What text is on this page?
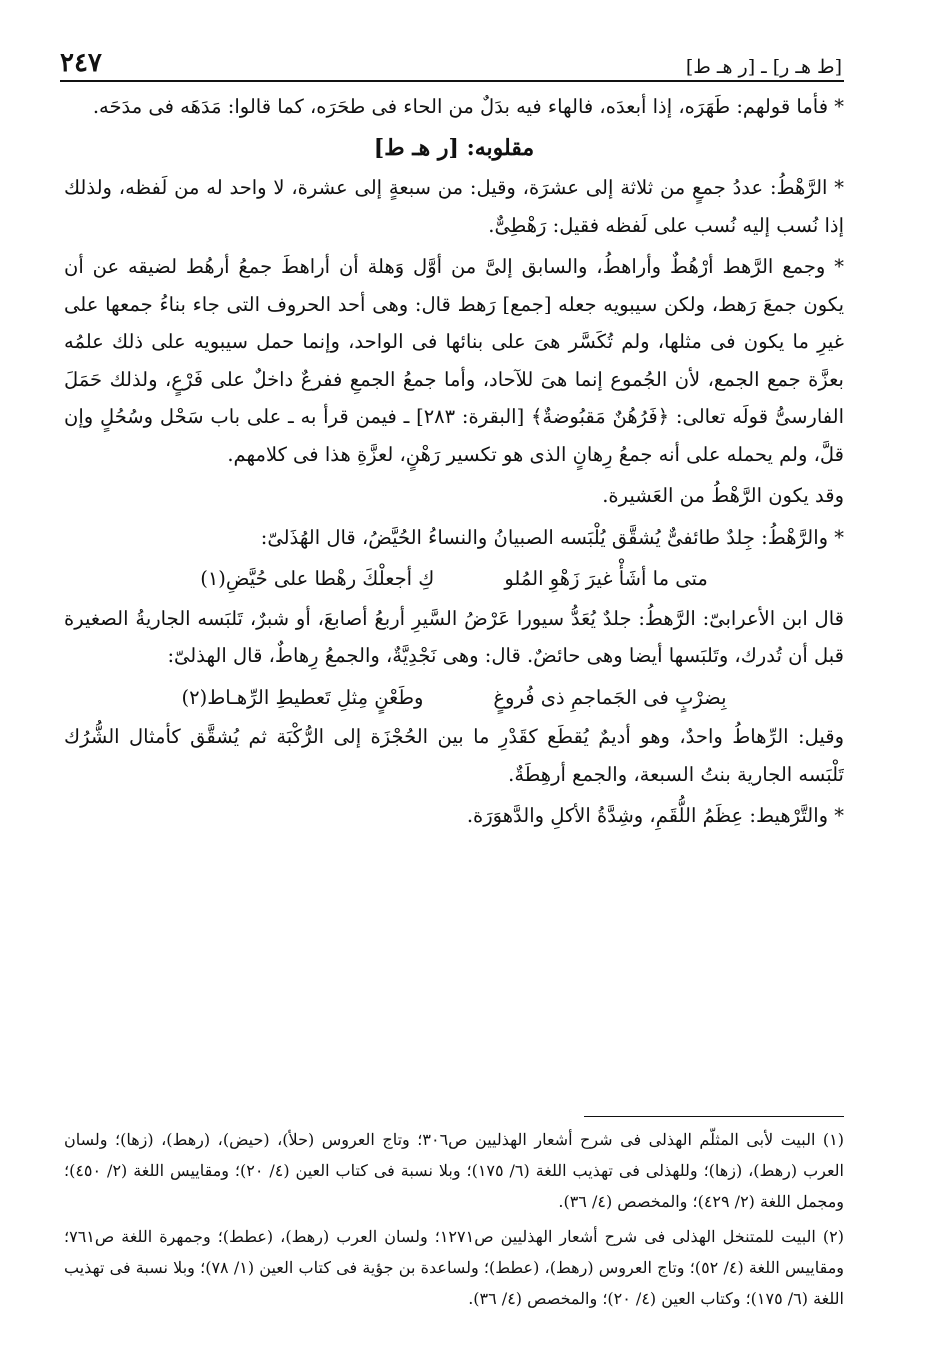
[ط هـ ر] ـ [ر هـ ط]
٢٤٧

* فأما قولهم: طَهَرَه، إذا أبعدَه، فالهاء فيه بدَلٌ من الحاء فى طحَرَه، كما قالوا: مَدَهَه فى مدَحَه.

مقلوبه: [ر هـ ط]

* الرَّهْطُ: عددُ جمعٍ من ثلاثة إلى عشرَة، وقيل: من سبعةٍ إلى عشرة، لا واحد له من لَفظه، ولذلك إذا نُسب إليه نُسب على لَفظه فقيل: رَهْطِىٌّ.

* وجمع الرَّهط أرْهُطٌ وأراهطُ، والسابق إلىَّ من أوَّل وَهلة أن أراهطَ جمعُ أرهُط لضيقه عن أن يكون جمعَ رَهط، ولكن سيبويه جعله [جمع] رَهط قال: وهى أحد الحروف التى جاء بناءُ جمعها على غيرِ ما يكون فى مثلها، ولم تُكَسَّر هىَ على بنائها فى الواحد، وإنما حمل سيبويه على ذلك علمُه بعزَّة جمع الجمع، لأن الجُموع إنما هىَ للآحاد، وأما جمعُ الجمعِ ففرعٌ داخلٌ على فَرْعٍ، ولذلك حَمَلَ الفارسىُّ قولَه تعالى: ﴿فَرُهُنٌ مَقبُوضةٌ﴾ [البقرة: ٢٨٣] ـ فيمن قرأ به ـ على باب سَحْل وسُحُلٍ وإن قلَّ، ولم يحمله على أنه جمعُ رِهانٍ الذى هو تكسير رَهْنٍ، لعزَّةِ هذا فى كلامهم.

وقد يكون الرَّهْطُ من العَشيرة.

* والرَّهْطُ: جِلدٌ طائفىٌّ يُشقَّق يُلْبَسه الصبيانُ والنساءُ الحُيَّضُ، قال الهُذَلىّ:

متى ما أشَأْ غيرَ زَهْوِ المُلو
كِ أجعلْكَ رهْطا على حُيَّضِ(١)

قال ابن الأعرابىّ: الرَّهطُ: جلدٌ يُعَدُّ سيورا عَرْضُ السَّيرِ أربعُ أصابعَ، أو شبرٌ، تَلبَسه الجاريةُ الصغيرة قبل أن تُدرك، وتَلبَسها أيضا وهى حائضٌ. قال: وهى نَجْدِيَّةٌ، والجمعُ رِهاطٌ، قال الهذلىّ:

بِضرْبٍ فى الجَماجمِ ذى فُروغٍ
وطَعْنٍ مِثلِ تَعطيطِ الرِّهـاط(٢)

وقيل: الرِّهاطُ واحدٌ، وهو أديمٌ يُقطَع كقَدْرِ ما بين الحُجْزَة إلى الرُّكْبَة ثم يُشقَّق كأمثال الشُّرُك تَلْبَسه الجارية بنتُ السبعة، والجمع أرهِطَةٌ.

* والتَّرْهيط: عِظَمُ اللُّقَمِ، وشِدَّةُ الأكلِ والدَّهوَرَة.

(١) البيت لأبى المثلّم الهذلى فى شرح أشعار الهذليين ص٣٠٦؛ وتاج العروس (حلأ)، (حيض)، (رهط)، (زها)؛ ولسان العرب (رهط)، (زها)؛ وللهذلى فى تهذيب اللغة (٦/ ١٧٥)؛ وبلا نسبة فى كتاب العين (٤/ ٢٠)؛ ومقاييس اللغة (٢/ ٤٥٠)؛ ومجمل اللغة (٢/ ٤٢٩)؛ والمخصص (٤/ ٣٦).

(٢) البيت للمتنخل الهذلى فى شرح أشعار الهذليين ص١٢٧١؛ ولسان العرب (رهط)، (عطط)؛ وجمهرة اللغة ص٧٦١؛ ومقاييس اللغة (٤/ ٥٢)؛ وتاج العروس (رهط)، (عطط)؛ ولساعدة بن جؤية فى كتاب العين (١/ ٧٨)؛ وبلا نسبة فى تهذيب اللغة (٦/ ١٧٥)؛ وكتاب العين (٤/ ٢٠)؛ والمخصص (٤/ ٣٦).
